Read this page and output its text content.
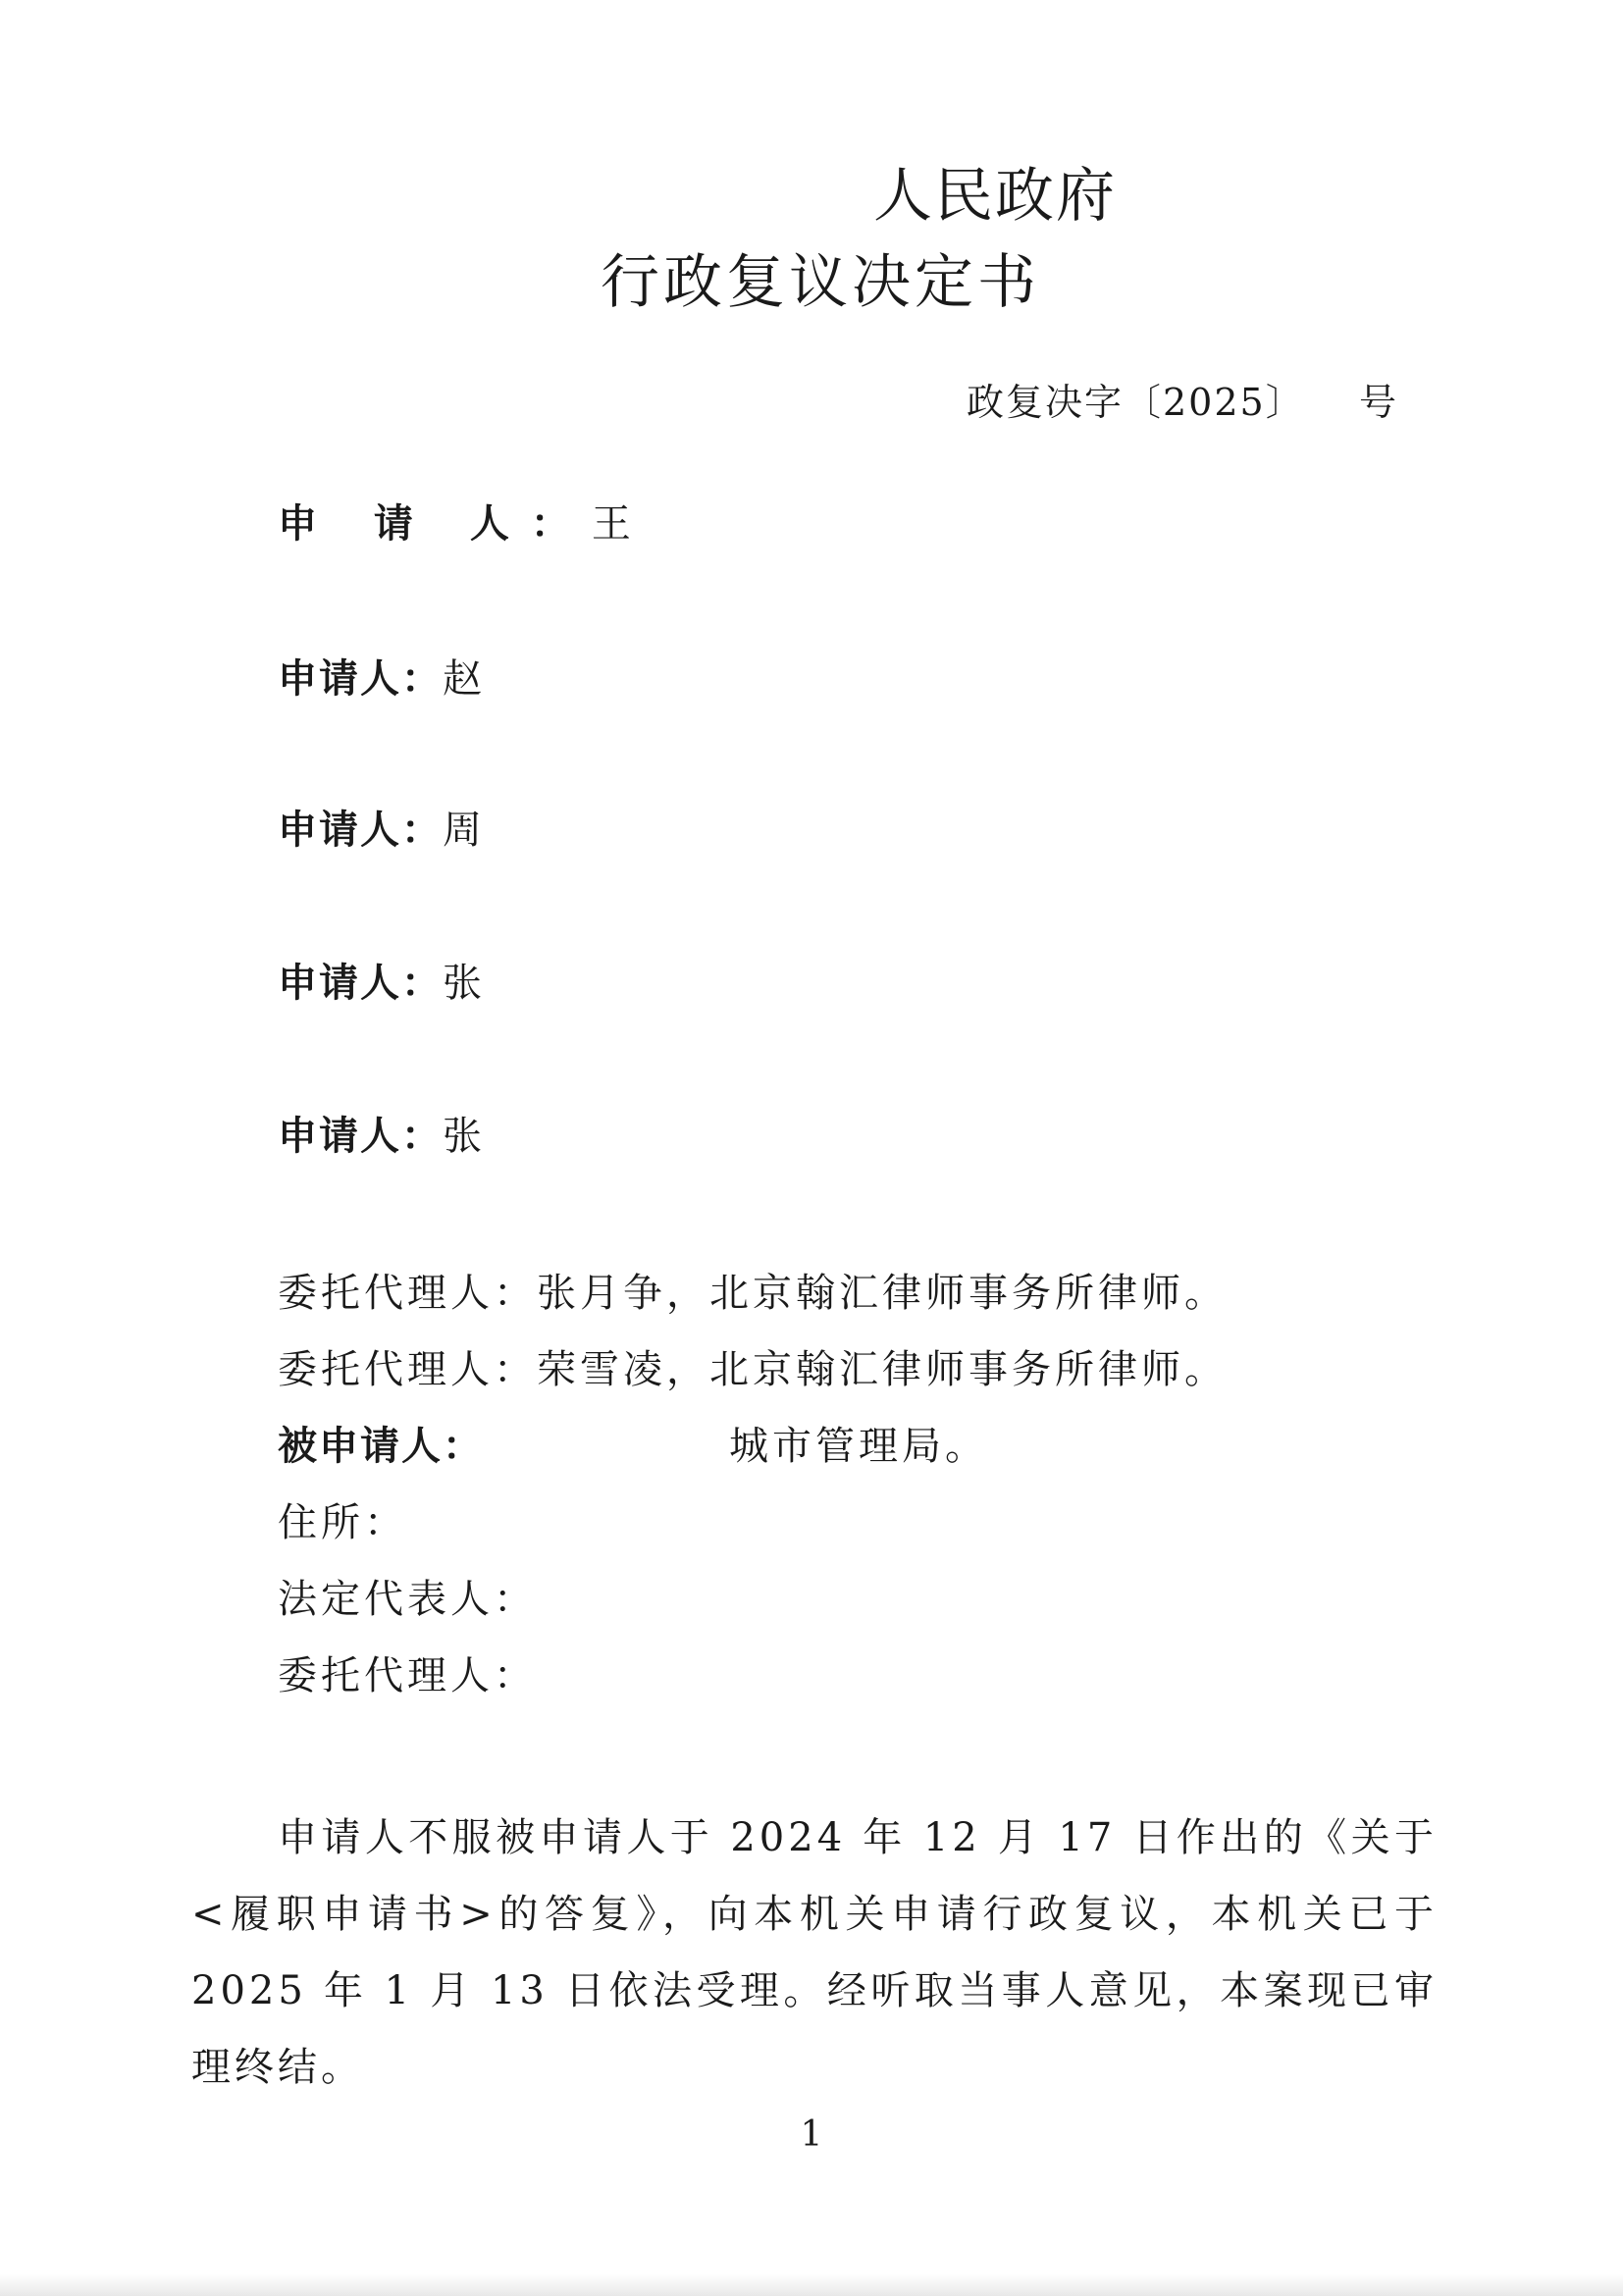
人民政府
行政复议决定书
政复决字〔2025〕 号
申 请 人：王
申请人：赵
申请人：周
申请人：张
申请人：张
委托代理人：张月争，北京翰汇律师事务所律师。
委托代理人：荣雪凌，北京翰汇律师事务所律师。
被申请人：	城市管理局。
住所：
法定代表人：
委托代理人：
申请人不服被申请人于 2024 年 12 月 17 日作出的《关于<履职申请书>的答复》，向本机关申请行政复议，本机关已于 2025 年 1 月 13 日依法受理。经听取当事人意见，本案现已审理终结。
1
